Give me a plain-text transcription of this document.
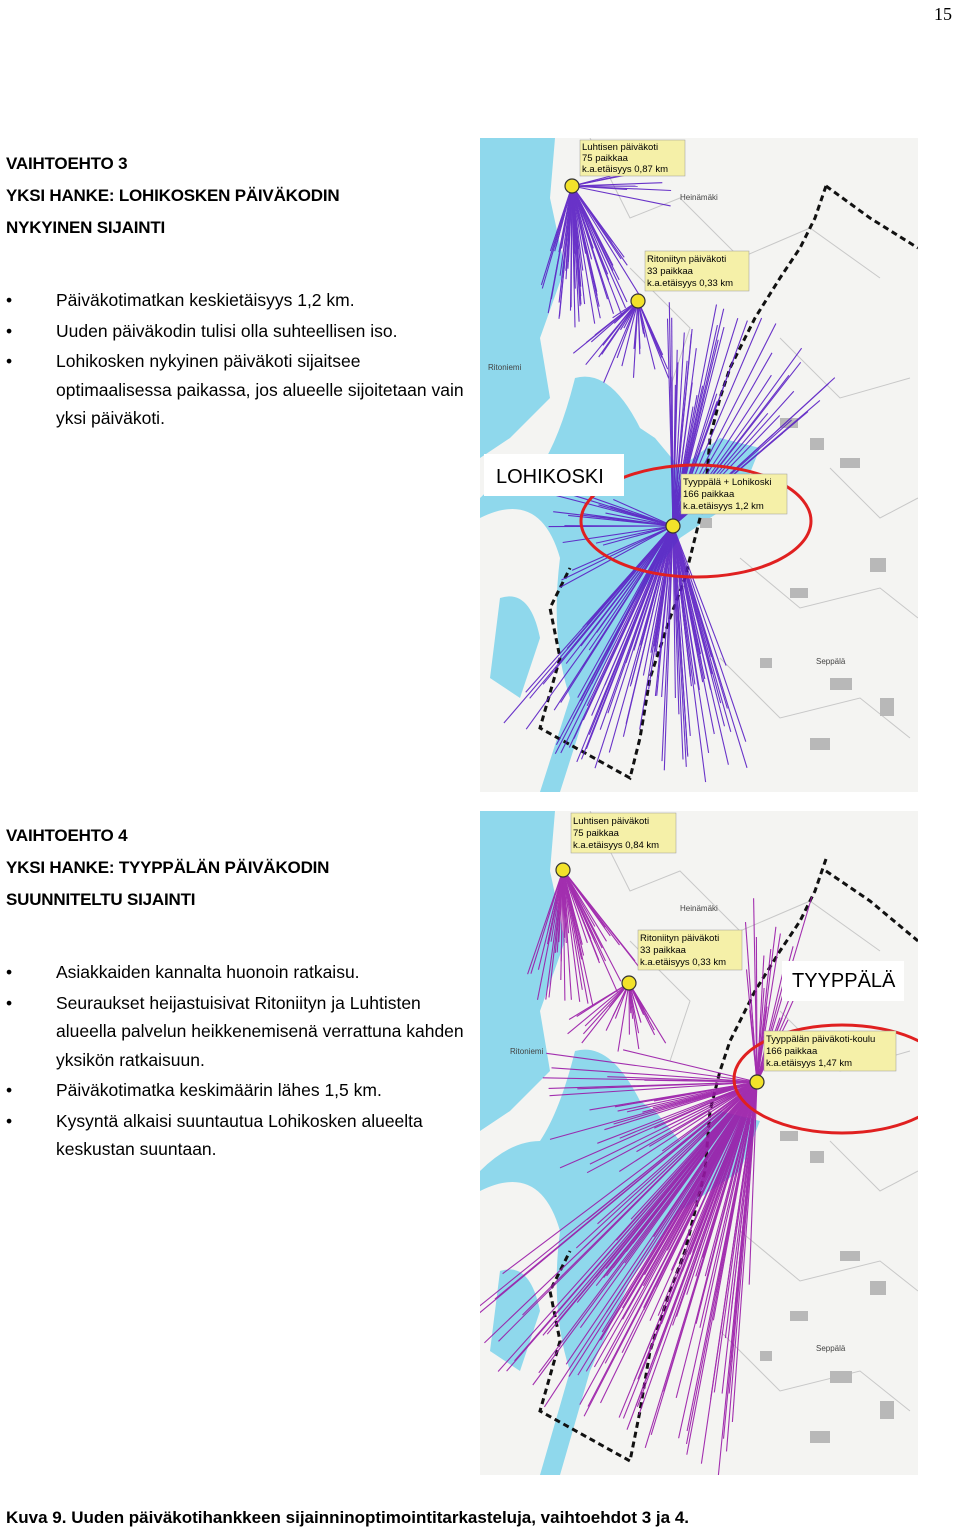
15
VAIHTOEHTO 3
YKSI HANKE: LOHIKOSKEN PÄIVÄKODIN NYKYINEN SIJAINTI
•	Päiväkotimatkan keskietäisyys 1,2 km.
•	Uuden päiväkodin tulisi olla suhteellisen iso.
•	Lohikosken nykyinen päiväkoti sijaitsee optimaalisessa paikassa, jos alueelle sijoitetaan vain yksi päiväkoti.
LOHIKOSKI
Luhtisen päiväkoti
75 paikkaa
k.a.etäisyys 0,87 km
Ritoniityn päiväkoti
33 paikkaa
k.a.etäisyys 0,33 km
Tyyppälä + Lohikoski
166 paikkaa
k.a.etäisyys 1,2 km
Heinämäki
Ritoniemi
Seppälä
VAIHTOEHTO 4
YKSI HANKE: TYYPPÄLÄN PÄIVÄKODIN SUUNNITELTU SIJAINTI
•	Asiakkaiden kannalta huonoin ratkaisu.
•	Seuraukset heijastuisivat Ritoniityn ja Luhtisten alueella palvelun heikkenemisenä verrattuna kahden yksikön ratkaisuun.
•	Päiväkotimatka keskimäärin lähes 1,5 km.
•	Kysyntä alkaisi suuntautua Lohikosken alueelta keskustan suuntaan.
TYYPPÄLÄ
Luhtisen päiväkoti
75 paikkaa
k.a.etäisyys 0,84 km
Ritoniityn päiväkoti
33 paikkaa
k.a.etäisyys 0,33 km
Tyyppälän päiväkoti-koulu
166 paikkaa
k.a.etäisyys 1,47 km
Heinämäki
Ritoniemi
Seppälä
Kuva 9. Uuden päiväkotihankkeen sijainninoptimointitarkasteluja, vaihtoehdot 3 ja 4.
